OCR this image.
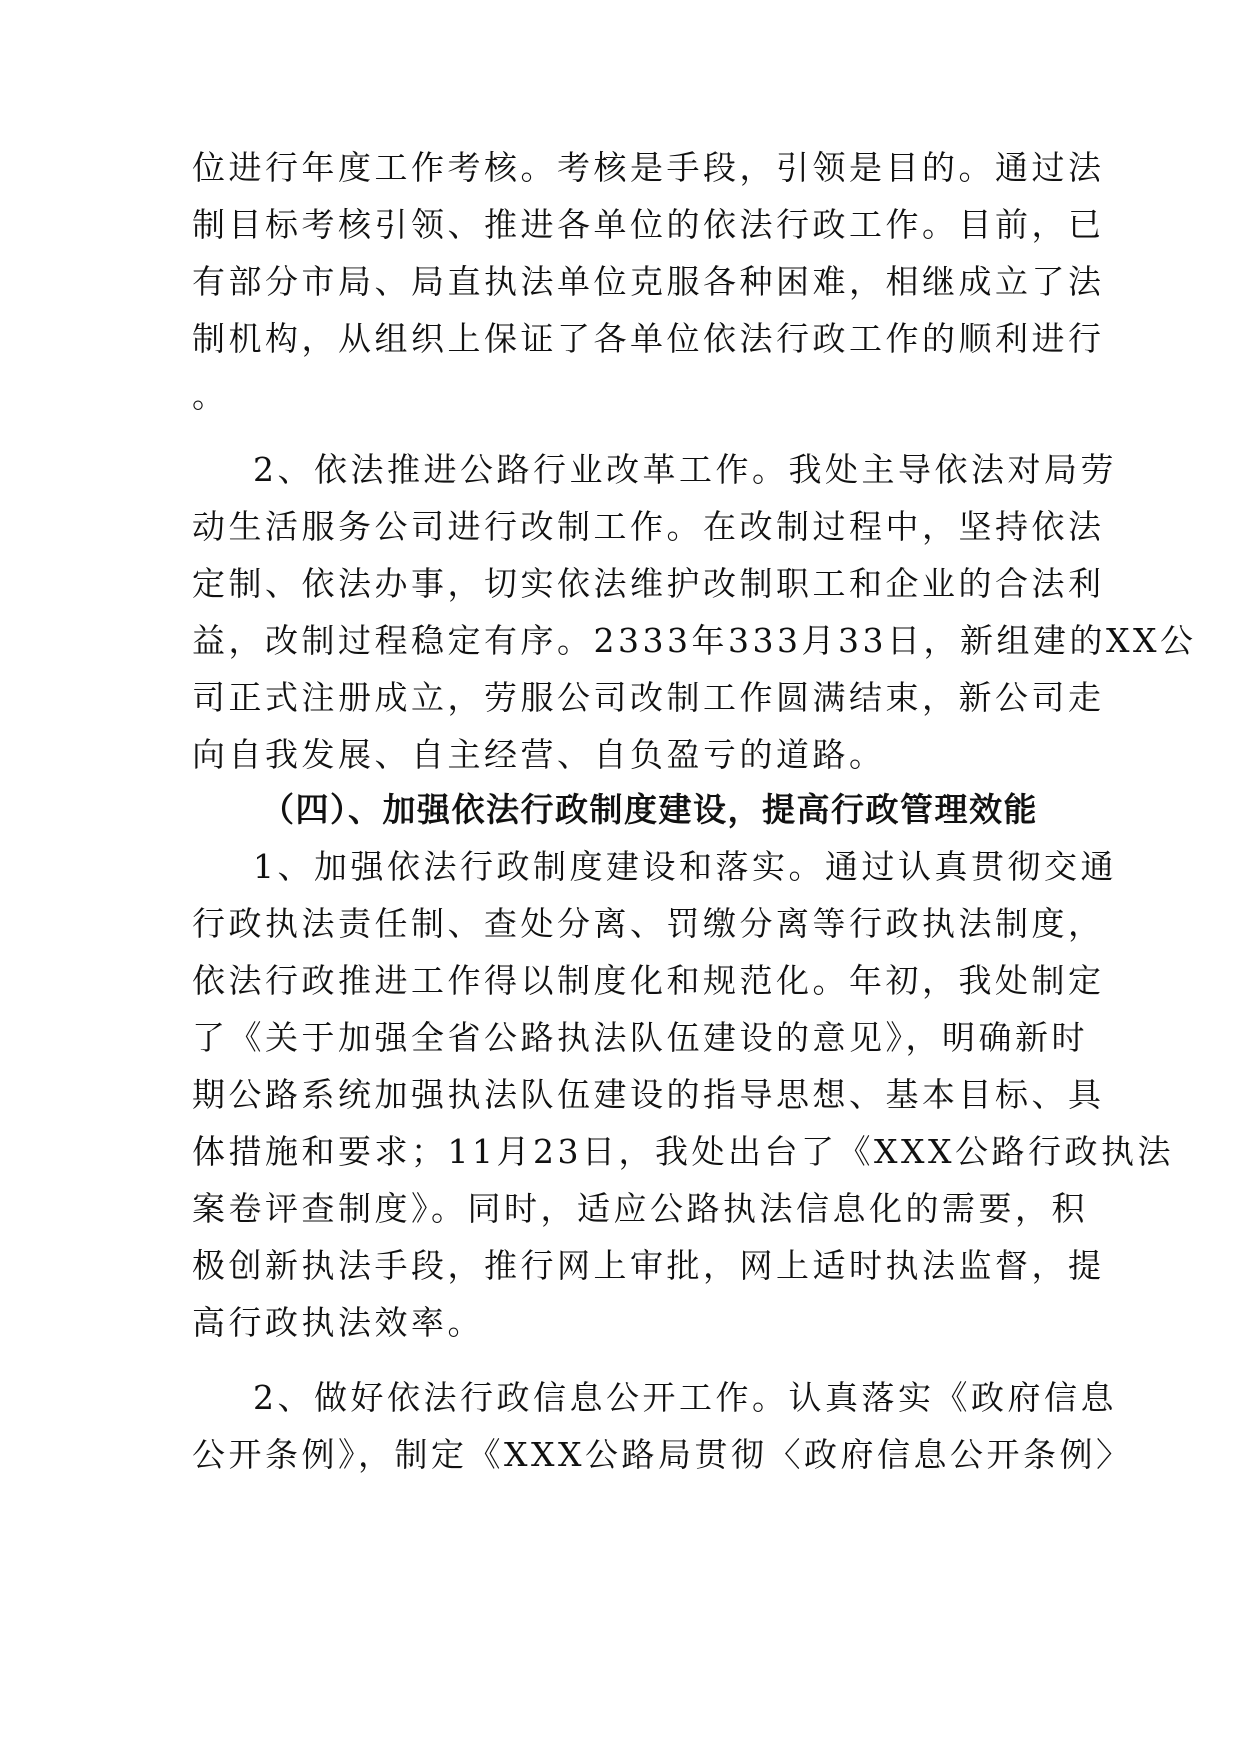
位进行年度工作考核。考核是手段，引领是目的。通过法
制目标考核引领、推进各单位的依法行政工作。目前，已
有部分市局、局直执法单位克服各种困难，相继成立了法
制机构，从组织上保证了各单位依法行政工作的顺利进行
。
2、依法推进公路行业改革工作。我处主导依法对局劳
动生活服务公司进行改制工作。在改制过程中，坚持依法
定制、依法办事，切实依法维护改制职工和企业的合法利
益，改制过程稳定有序。2333年333月33日，新组建的XX公
司正式注册成立，劳服公司改制工作圆满结束，新公司走
向自我发展、自主经营、自负盈亏的道路。
（四）、加强依法行政制度建设，提高行政管理效能
1、加强依法行政制度建设和落实。通过认真贯彻交通
行政执法责任制、查处分离、罚缴分离等行政执法制度，
依法行政推进工作得以制度化和规范化。年初，我处制定
了《关于加强全省公路执法队伍建设的意见》，明确新时
期公路系统加强执法队伍建设的指导思想、基本目标、具
体措施和要求；11月23日，我处出台了《XXX公路行政执法
案卷评查制度》。同时，适应公路执法信息化的需要，积
极创新执法手段，推行网上审批，网上适时执法监督，提
高行政执法效率。
2、做好依法行政信息公开工作。认真落实《政府信息
公开条例》，制定《XXX公路局贯彻〈政府信息公开条例〉
